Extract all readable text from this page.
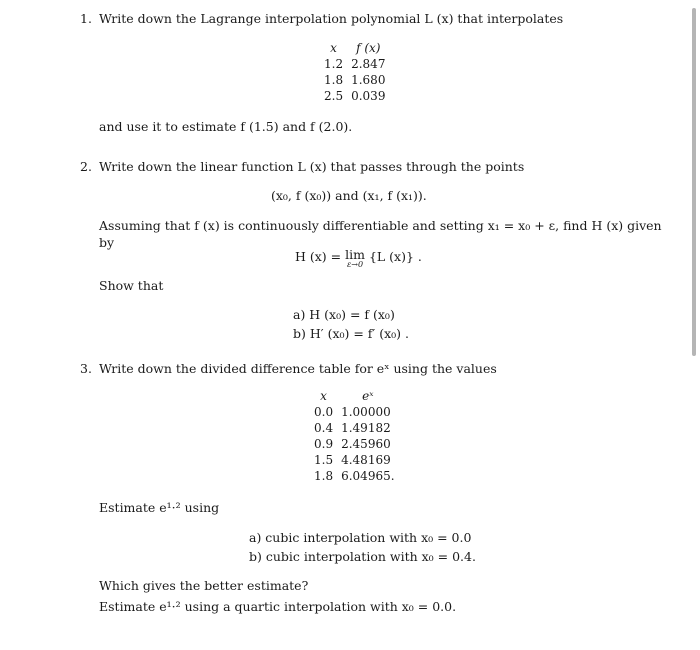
1. Write down the Lagrange interpolation polynomial L (x) that interpolates
x	f (x)
1.2	2.847
1.8	1.680
2.5	0.039
and use it to estimate f (1.5) and f (2.0).
2. Write down the linear function L (x) that passes through the points
(x₀, f (x₀)) and (x₁, f (x₁)).
Assuming that f (x) is continuously differentiable and setting x₁ = x₀ + ε, find H (x) given
by
H (x) = lim
ε→0
{L (x)} .
Show that
a) H (x₀) = f (x₀)
b) H′ (x₀) = f′ (x₀) .
3. Write down the divided difference table for eˣ using the values
x	eˣ
0.0	1.00000
0.4	1.49182
0.9	2.45960
1.5	4.48169
1.8	6.04965.
Estimate e¹·² using
a) cubic interpolation with x₀ = 0.0
b) cubic interpolation with x₀ = 0.4.
Which gives the better estimate?
Estimate e¹·² using a quartic interpolation with x₀ = 0.0.
